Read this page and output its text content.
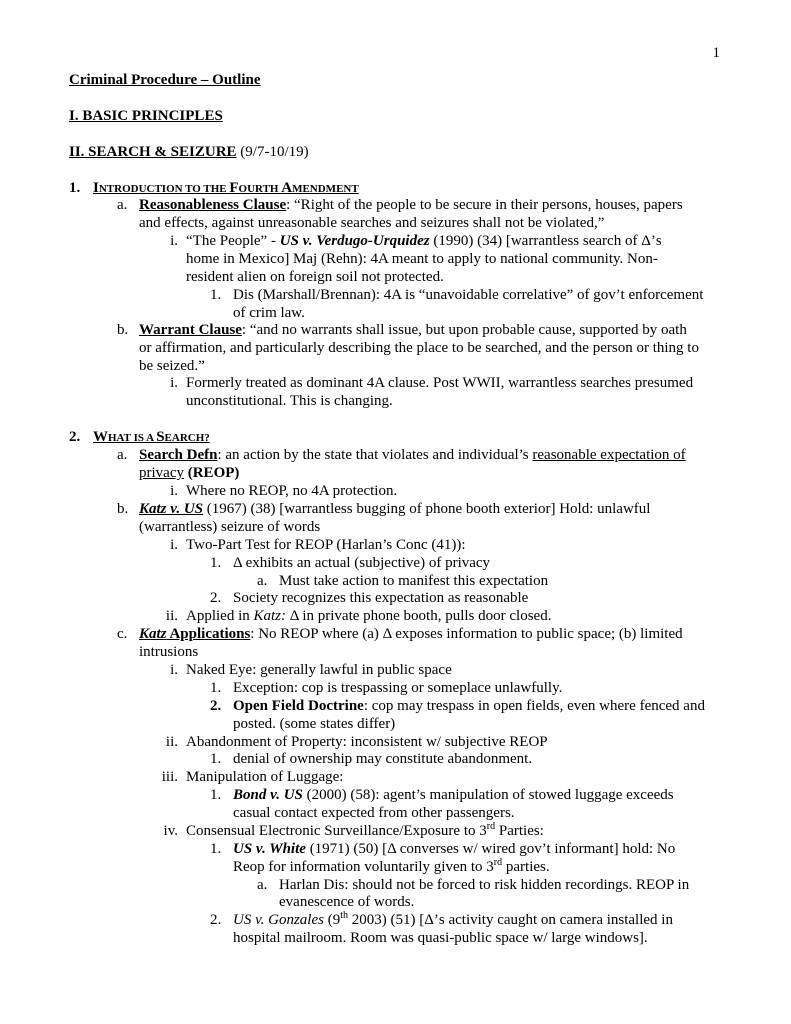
1
Criminal Procedure – Outline
I. BASIC PRINCIPLES
II. SEARCH & SEIZURE (9/7-10/19)
1. INTRODUCTION TO THE FOURTH AMENDMENT
a. Reasonableness Clause: “Right of the people to be secure in their persons, houses, papers
and effects, against unreasonable searches and seizures shall not be violated,”
i. “The People” - US v. Verdugo-Urquidez (1990) (34) [warrantless search of Δ’s
home in Mexico] Maj (Rehn): 4A meant to apply to national community. Non-
resident alien on foreign soil not protected.
1. Dis (Marshall/Brennan): 4A is “unavoidable correlative” of gov’t enforcement
of crim law.
b. Warrant Clause: “and no warrants shall issue, but upon probable cause, supported by oath
or affirmation, and particularly describing the place to be searched, and the person or thing to
be seized.”
i. Formerly treated as dominant 4A clause. Post WWII, warrantless searches presumed
unconstitutional. This is changing.
2. WHAT IS A SEARCH?
a. Search Defn: an action by the state that violates and individual’s reasonable expectation of
privacy (REOP)
i. Where no REOP, no 4A protection.
b. Katz v. US (1967) (38) [warrantless bugging of phone booth exterior] Hold: unlawful
(warrantless) seizure of words
i. Two-Part Test for REOP (Harlan’s Conc (41)):
1. Δ exhibits an actual (subjective) of privacy
a. Must take action to manifest this expectation
2. Society recognizes this expectation as reasonable
ii. Applied in Katz: Δ in private phone booth, pulls door closed.
c. Katz Applications: No REOP where (a) Δ exposes information to public space; (b) limited
intrusions
i. Naked Eye: generally lawful in public space
1. Exception: cop is trespassing or someplace unlawfully.
2. Open Field Doctrine: cop may trespass in open fields, even where fenced and
posted. (some states differ)
ii. Abandonment of Property: inconsistent w/ subjective REOP
1. denial of ownership may constitute abandonment.
iii. Manipulation of Luggage:
1. Bond v. US (2000) (58): agent’s manipulation of stowed luggage exceeds
casual contact expected from other passengers.
iv. Consensual Electronic Surveillance/Exposure to 3rd Parties:
1. US v. White (1971) (50) [Δ converses w/ wired gov’t informant] hold: No
Reop for information voluntarily given to 3rd parties.
a. Harlan Dis: should not be forced to risk hidden recordings. REOP in
evanescence of words.
2. US v. Gonzales (9th 2003) (51) [Δ’s activity caught on camera installed in
hospital mailroom. Room was quasi-public space w/ large windows].
